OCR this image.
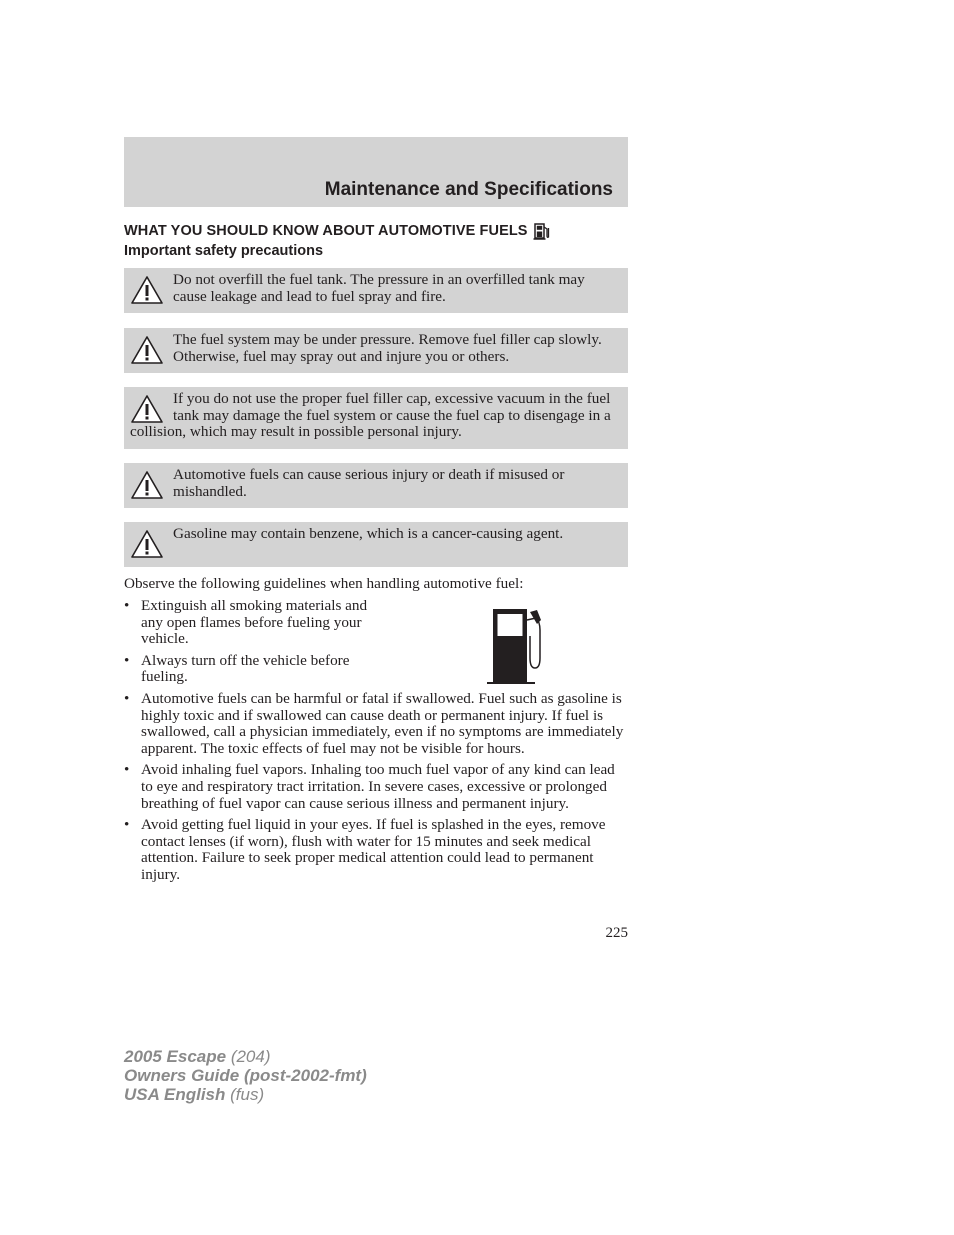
Maintenance and Specifications
WHAT YOU SHOULD KNOW ABOUT AUTOMOTIVE FUELS
Important safety precautions
Do not overfill the fuel tank. The pressure in an overfilled tank may cause leakage and lead to fuel spray and fire.
The fuel system may be under pressure. Remove fuel filler cap slowly. Otherwise, fuel may spray out and injure you or others.
If you do not use the proper fuel filler cap, excessive vacuum in the fuel tank may damage the fuel system or cause the fuel cap to disengage in a collision, which may result in possible personal injury.
Automotive fuels can cause serious injury or death if misused or mishandled.
Gasoline may contain benzene, which is a cancer-causing agent.
Observe the following guidelines when handling automotive fuel:
• Extinguish all smoking materials and any open flames before fueling your vehicle.
• Always turn off the vehicle before fueling.
• Automotive fuels can be harmful or fatal if swallowed. Fuel such as gasoline is highly toxic and if swallowed can cause death or permanent injury. If fuel is swallowed, call a physician immediately, even if no symptoms are immediately apparent. The toxic effects of fuel may not be visible for hours.
• Avoid inhaling fuel vapors. Inhaling too much fuel vapor of any kind can lead to eye and respiratory tract irritation. In severe cases, excessive or prolonged breathing of fuel vapor can cause serious illness and permanent injury.
• Avoid getting fuel liquid in your eyes. If fuel is splashed in the eyes, remove contact lenses (if worn), flush with water for 15 minutes and seek medical attention. Failure to seek proper medical attention could lead to permanent injury.
225
2005 Escape (204)
Owners Guide (post-2002-fmt)
USA English (fus)
